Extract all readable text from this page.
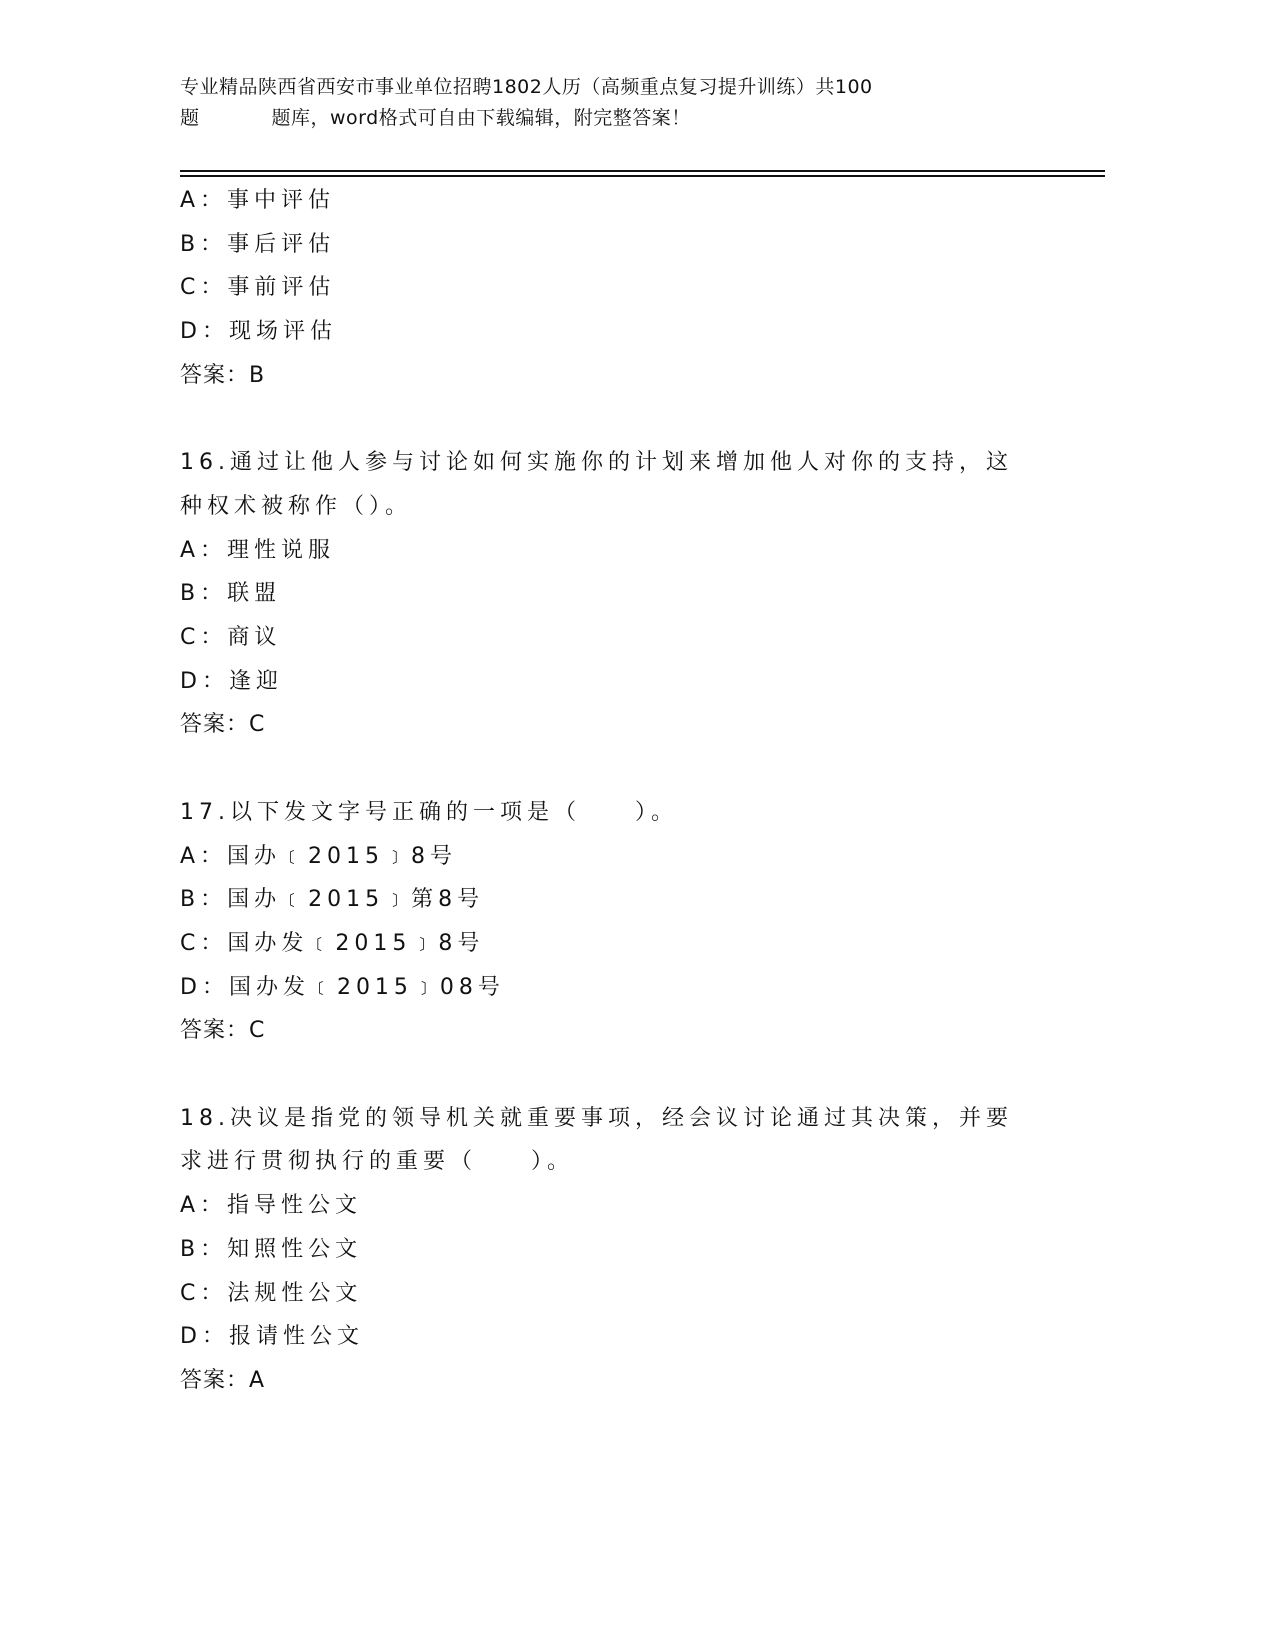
专业精品陕西省西安市事业单位招聘1802人历（高频重点复习提升训练）共100
题	题库，word格式可自由下载编辑，附完整答案！
A：事中评估
B：事后评估
C：事前评估
D：现场评估
答案：B
16.通过让他人参与讨论如何实施你的计划来增加他人对你的支持，这
种权术被称作（）。
A：理性说服
B：联盟
C：商议
D：逢迎
答案：C
17.以下发文字号正确的一项是（　　）。
A：国办﹝2015﹞8号
B：国办﹝2015﹞第8号
C：国办发﹝2015﹞8号
D：国办发﹝2015﹞08号
答案：C
18.决议是指党的领导机关就重要事项，经会议讨论通过其决策，并要
求进行贯彻执行的重要（　　）。
A：指导性公文
B：知照性公文
C：法规性公文
D：报请性公文
答案：A
